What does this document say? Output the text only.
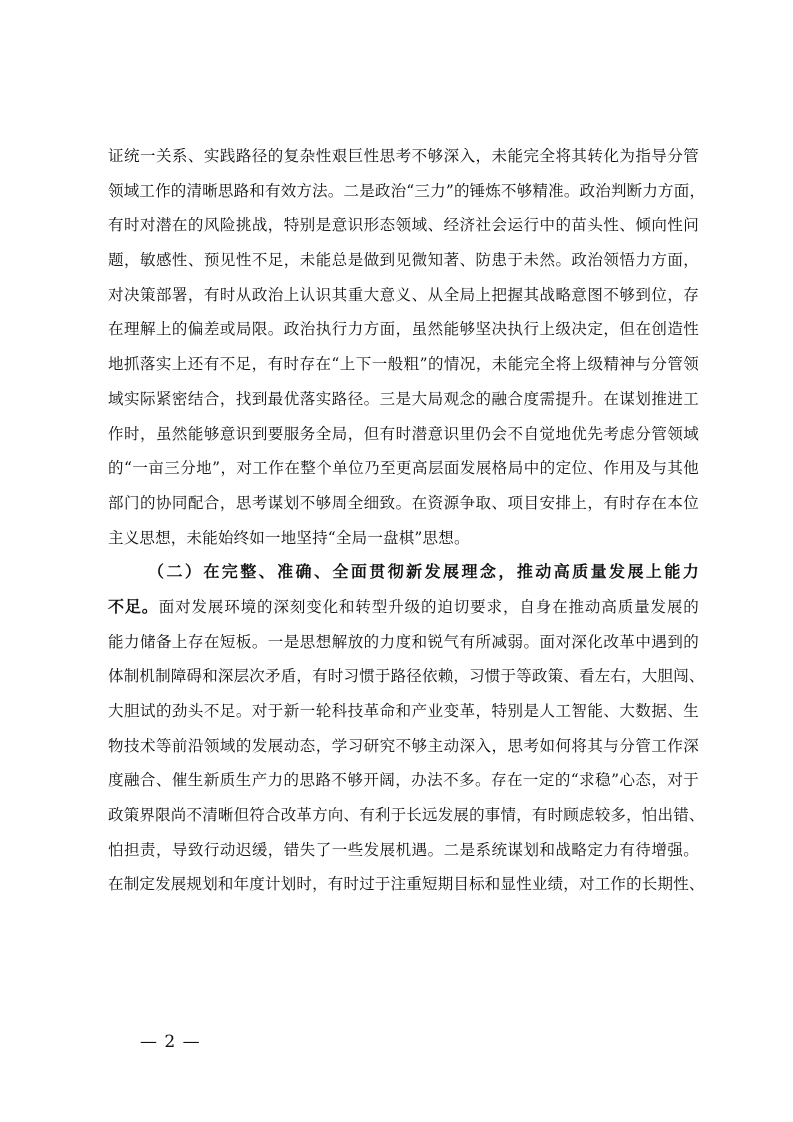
证统一关系、实践路径的复杂性艰巨性思考不够深入，未能完全将其转化为指导分管
领域工作的清晰思路和有效方法。二是政治“三力”的锤炼不够精准。政治判断力方面，
有时对潜在的风险挑战，特别是意识形态领域、经济社会运行中的苗头性、倾向性问
题，敏感性、预见性不足，未能总是做到见微知著、防患于未然。政治领悟力方面，
对决策部署，有时从政治上认识其重大意义、从全局上把握其战略意图不够到位，存
在理解上的偏差或局限。政治执行力方面，虽然能够坚决执行上级决定，但在创造性
地抓落实上还有不足，有时存在“上下一般粗”的情况，未能完全将上级精神与分管领
域实际紧密结合，找到最优落实路径。三是大局观念的融合度需提升。在谋划推进工
作时，虽然能够意识到要服务全局，但有时潜意识里仍会不自觉地优先考虑分管领域
的“一亩三分地”，对工作在整个单位乃至更高层面发展格局中的定位、作用及与其他
部门的协同配合，思考谋划不够周全细致。在资源争取、项目安排上，有时存在本位
主义思想，未能始终如一地坚持“全局一盘棋”思想。
（二）在完整、准确、全面贯彻新发展理念，推动高质量发展上能力
不足。面对发展环境的深刻变化和转型升级的迫切要求，自身在推动高质量发展的
能力储备上存在短板。一是思想解放的力度和锐气有所减弱。面对深化改革中遇到的
体制机制障碍和深层次矛盾，有时习惯于路径依赖，习惯于等政策、看左右，大胆闯、
大胆试的劲头不足。对于新一轮科技革命和产业变革，特别是人工智能、大数据、生
物技术等前沿领域的发展动态，学习研究不够主动深入，思考如何将其与分管工作深
度融合、催生新质生产力的思路不够开阔，办法不多。存在一定的“求稳”心态，对于
政策界限尚不清晰但符合改革方向、有利于长远发展的事情，有时顾虑较多，怕出错、
怕担责，导致行动迟缓，错失了一些发展机遇。二是系统谋划和战略定力有待增强。
在制定发展规划和年度计划时，有时过于注重短期目标和显性业绩，对工作的长期性、
— 2 —
